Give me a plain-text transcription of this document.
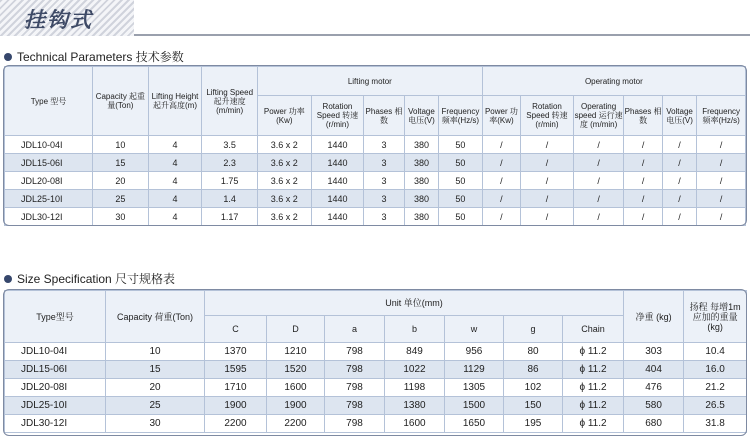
挂钩式
Technical Parameters 技术参数
Type 型号	Capacity 起重量(Ton)	Lifting Height 起升高度(m)	Lifting Speed 起升速度 (m/min)	Lifting motor					Operating motor					
				Power 功率(Kw)	Rotation Speed 转速(r/min)	Phases 相数	Voltage 电压(V)	Frequency 频率(Hz/s)	Power 功率(Kw)	Rotation Speed 转速(r/min)	Operating speed 运行速度 (m/min)	Phases 相数	Voltage 电压(V)	Frequency 频率(Hz/s)
JDL10-04I	10	4	3.5	3.6 x 2	1440	3	380	50	/	/	/	/	/	/
JDL15-06I	15	4	2.3	3.6 x 2	1440	3	380	50	/	/	/	/	/	/
JDL20-08I	20	4	1.75	3.6 x 2	1440	3	380	50	/	/	/	/	/	/
JDL25-10I	25	4	1.4	3.6 x 2	1440	3	380	50	/	/	/	/	/	/
JDL30-12I	30	4	1.17	3.6 x 2	1440	3	380	50	/	/	/	/	/	/
Size Specification 尺寸规格表
Type型号	Capacity 荷重(Ton)	Unit 单位(mm)							净重 (kg)	扬程 每增1m 应加的重量 (kg)
		C	D	a	b	w	g	Chain		
JDL10-04I	10	1370	1210	798	849	956	80	ϕ 11.2	303	10.4
JDL15-06I	15	1595	1520	798	1022	1129	86	ϕ 11.2	404	16.0
JDL20-08I	20	1710	1600	798	1198	1305	102	ϕ 11.2	476	21.2
JDL25-10I	25	1900	1900	798	1380	1500	150	ϕ 11.2	580	26.5
JDL30-12I	30	2200	2200	798	1600	1650	195	ϕ 11.2	680	31.8
